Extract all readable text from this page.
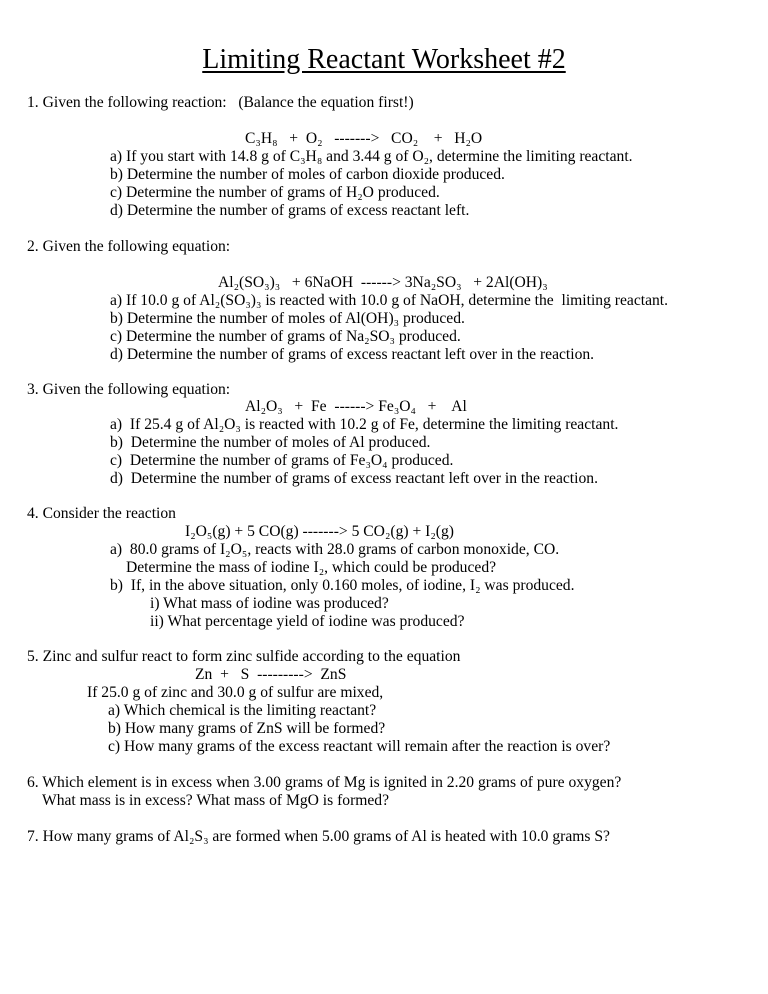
Limiting Reactant Worksheet #2
1. Given the following reaction:   (Balance the equation first!)
C₃H₈   +  O₂   ------->   CO₂    +   H₂O
a) If you start with 14.8 g of C₃H₈ and 3.44 g of O₂, determine the limiting reactant.
b) Determine the number of moles of carbon dioxide produced.
c) Determine the number of grams of H₂O produced.
d) Determine the number of grams of excess reactant left.
2. Given the following equation:
Al₂(SO₃)₃   + 6NaOH  ------> 3Na₂SO₃   + 2Al(OH)₃
a) If 10.0 g of Al₂(SO₃)₃ is reacted with 10.0 g of NaOH, determine the  limiting reactant.
b) Determine the number of moles of Al(OH)₃ produced.
c) Determine the number of grams of Na₂SO₃ produced.
d) Determine the number of grams of excess reactant left over in the reaction.
3. Given the following equation:
Al₂O₃   +  Fe  ------> Fe₃O₄   +    Al
a)  If 25.4 g of Al₂O₃ is reacted with 10.2 g of Fe, determine the limiting reactant.
b)  Determine the number of moles of Al produced.
c)  Determine the number of grams of Fe₃O₄ produced.
d)  Determine the number of grams of excess reactant left over in the reaction.
4. Consider the reaction
I₂O₅(g) + 5 CO(g) -------> 5 CO₂(g) + I₂(g)
a)  80.0 grams of I₂O₅, reacts with 28.0 grams of carbon monoxide, CO.
Determine the mass of iodine I₂, which could be produced?
b)  If, in the above situation, only 0.160 moles, of iodine, I₂ was produced.
i) What mass of iodine was produced?
ii) What percentage yield of iodine was produced?
5. Zinc and sulfur react to form zinc sulfide according to the equation
Zn  +   S  --------->  ZnS
If 25.0 g of zinc and 30.0 g of sulfur are mixed,
a) Which chemical is the limiting reactant?
b) How many grams of ZnS will be formed?
c) How many grams of the excess reactant will remain after the reaction is over?
6. Which element is in excess when 3.00 grams of Mg is ignited in 2.20 grams of pure oxygen?
What mass is in excess? What mass of MgO is formed?
7. How many grams of Al₂S₃ are formed when 5.00 grams of Al is heated with 10.0 grams S?
